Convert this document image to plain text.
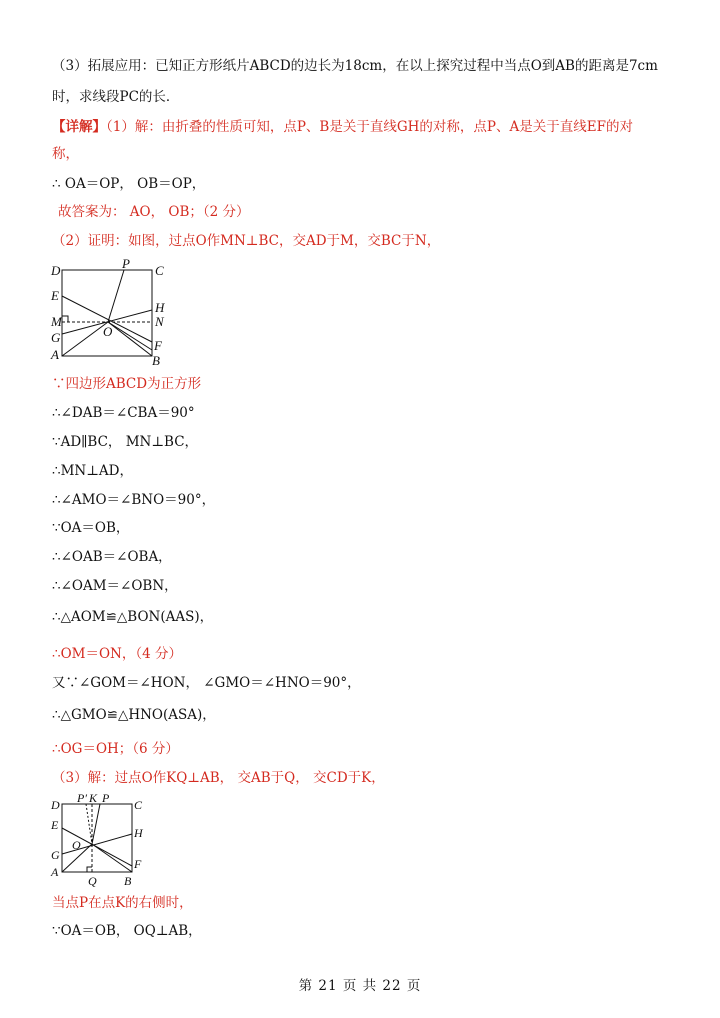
（3）拓展应用：已知正方形纸片ABCD的边长为18cm，在以上探究过程中当点O到AB的距离是7cm
时，求线段PC的长．
【详解】（1）解：由折叠的性质可知，点P、B是关于直线GH的对称，点P、A是关于直线EF的对
称，
∴ OA＝OP， OB＝OP，
故答案为： AO， OB；（2 分）
（2）证明：如图，过点O作MN⊥BC，交AD于M，交BC于N，
D	P C
E
H
M	N
G	O
A
F
B
∵四边形ABCD为正方形
∴∠DAB＝∠CBA＝90°
∵AD∥BC， MN⊥BC，
∴MN⊥AD，
∴∠AMO＝∠BNO＝90°，
∵OA＝OB，
∴∠OAB＝∠OBA，
∴∠OAM＝∠OBN，
∴△AOM≌△BON(AAS)，
∴OM＝ON，（4 分）
又∵∠GOM＝∠HON， ∠GMO＝∠HNO＝90°，
∴△GMO≌△HNO(ASA)，
∴OG＝OH；（6 分）
（3）解：过点O作KQ⊥AB， 交AB于Q， 交CD于K，
D P′ K P C
E
H
O
G
F
A
Q B
当点P在点K的右侧时，
∵OA＝OB， OQ⊥AB，
第 21 页 共 22 页
